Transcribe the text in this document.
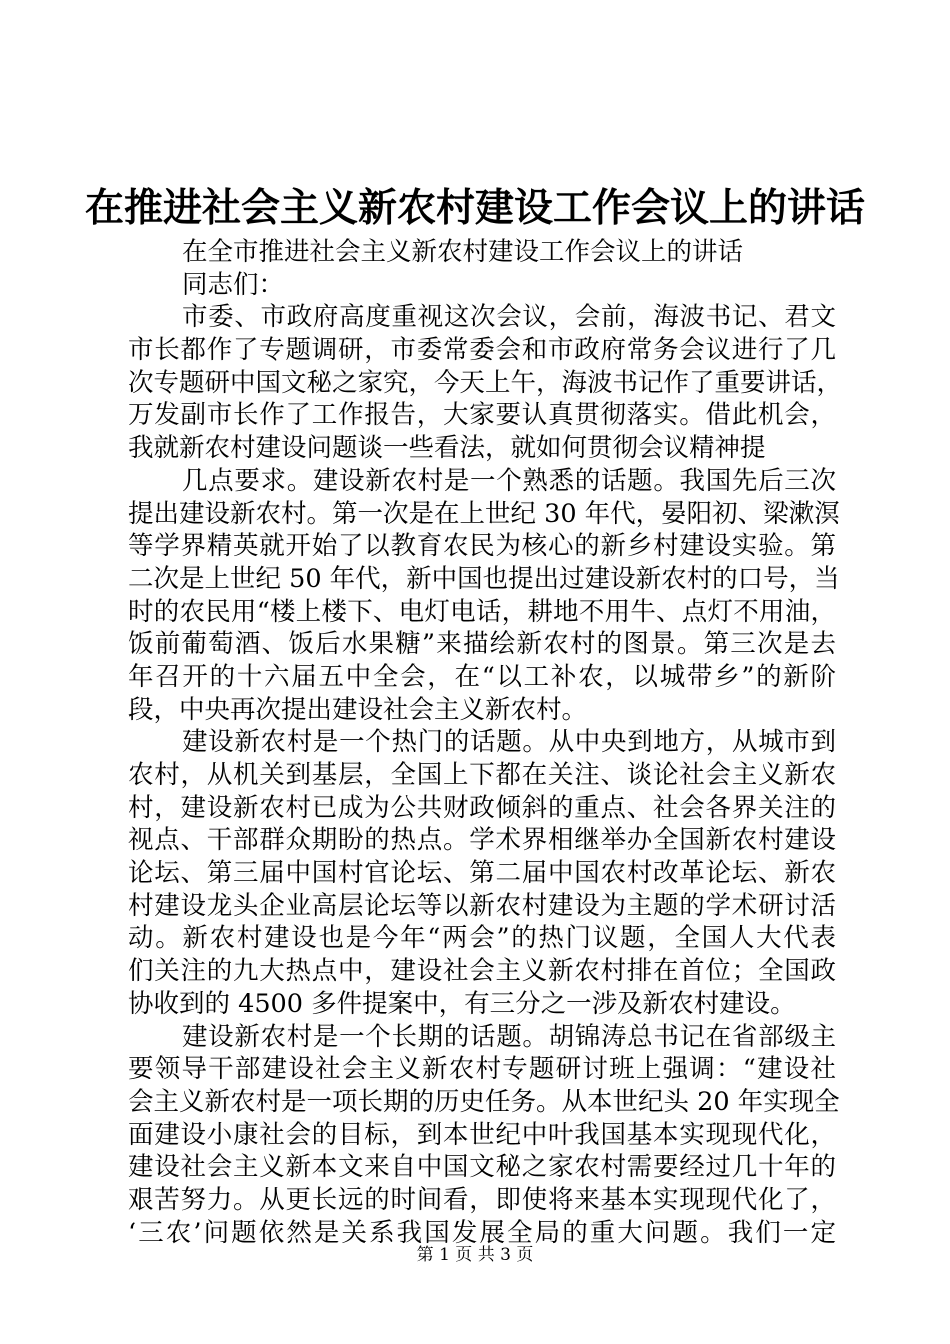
在推进社会主义新农村建设工作会议上的讲话
在全市推进社会主义新农村建设工作会议上的讲话
同志们：
市委、市政府高度重视这次会议，会前，海波书记、君文
市长都作了专题调研，市委常委会和市政府常务会议进行了几
次专题研中国文秘之家究，今天上午，海波书记作了重要讲话，
万发副市长作了工作报告，大家要认真贯彻落实。借此机会，
我就新农村建设问题谈一些看法，就如何贯彻会议精神提
几点要求。建设新农村是一个熟悉的话题。我国先后三次
提出建设新农村。第一次是在上世纪 30 年代，晏阳初、梁漱溟
等学界精英就开始了以教育农民为核心的新乡村建设实验。第
二次是上世纪 50 年代，新中国也提出过建设新农村的口号，当
时的农民用“楼上楼下、电灯电话，耕地不用牛、点灯不用油，
饭前葡萄酒、饭后水果糖”来描绘新农村的图景。第三次是去
年召开的十六届五中全会，在“以工补农，以城带乡”的新阶
段，中央再次提出建设社会主义新农村。
建设新农村是一个热门的话题。从中央到地方，从城市到
农村，从机关到基层，全国上下都在关注、谈论社会主义新农
村，建设新农村已成为公共财政倾斜的重点、社会各界关注的
视点、干部群众期盼的热点。学术界相继举办全国新农村建设
论坛、第三届中国村官论坛、第二届中国农村改革论坛、新农
村建设龙头企业高层论坛等以新农村建设为主题的学术研讨活
动。新农村建设也是今年“两会”的热门议题，全国人大代表
们关注的九大热点中，建设社会主义新农村排在首位；全国政
协收到的 4500 多件提案中，有三分之一涉及新农村建设。
建设新农村是一个长期的话题。胡锦涛总书记在省部级主
要领导干部建设社会主义新农村专题研讨班上强调：“建设社
会主义新农村是一项长期的历史任务。从本世纪头 20 年实现全
面建设小康社会的目标，到本世纪中叶我国基本实现现代化，
建设社会主义新本文来自中国文秘之家农村需要经过几十年的
艰苦努力。从更长远的时间看，即使将来基本实现现代化了，
‘三农’问题依然是关系我国发展全局的重大问题。我们一定
第 1 页 共 3 页
